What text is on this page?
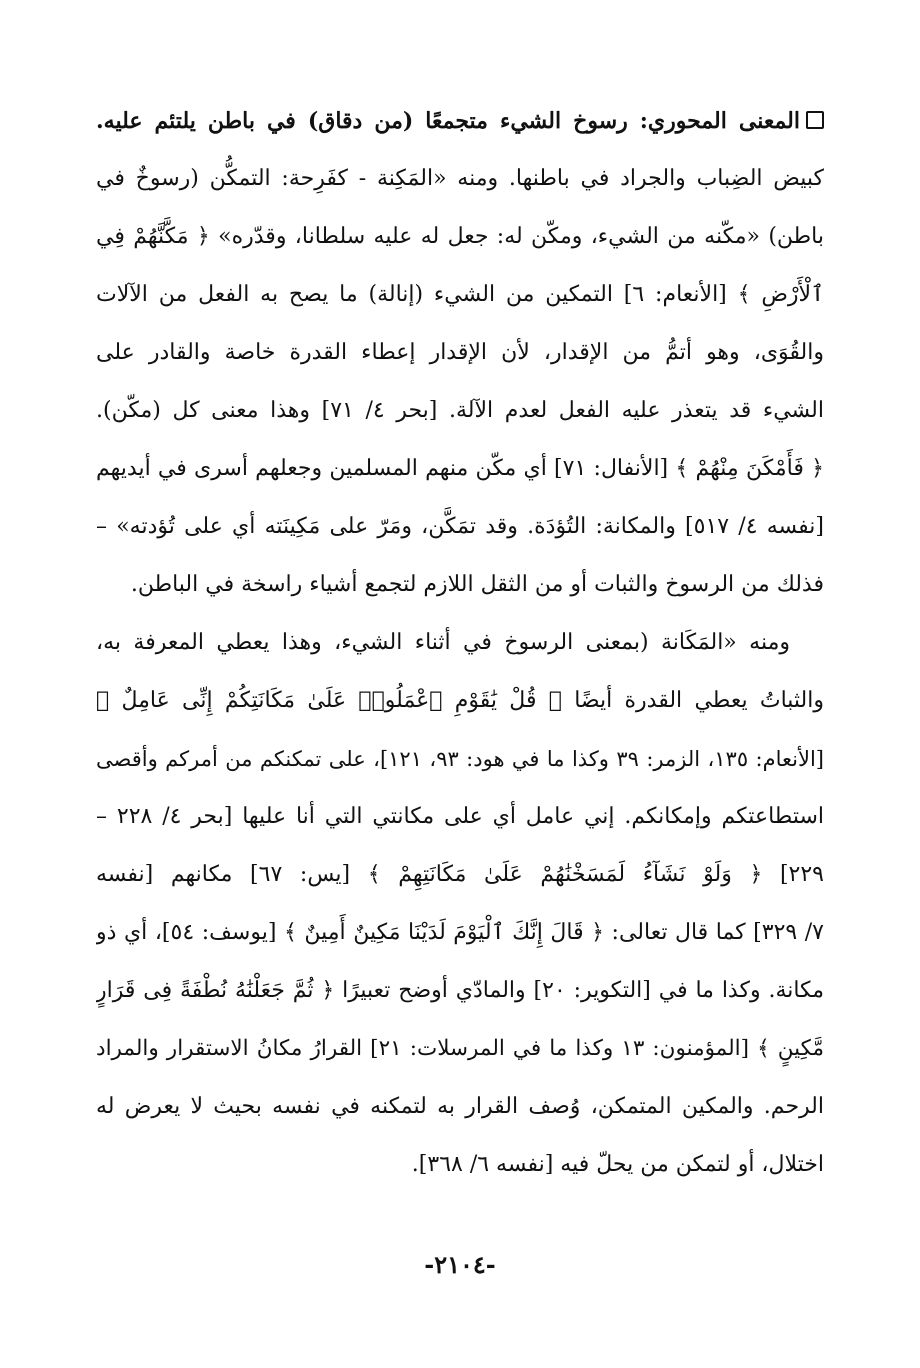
المعنى المحوري: رسوخ الشيء متجمعًا (من دقاق) في باطن يلتئم عليه.
كبيض الضِباب والجراد في باطنها. ومنه «المَكِنة - كفَرِحة: التمكُّن (رسوخٌ في
باطن) «مكّنه من الشيء، ومكّن له: جعل له عليه سلطانا، وقدّره» ﴿ مَكَّنَّهُمْ فِي
ٱلْأَرْضِ ﴾ [الأنعام: ٦] التمكين من الشيء (إنالة) ما يصح به الفعل من الآلات
والقُوَى، وهو أتمُّ من الإقدار، لأن الإقدار إعطاء القدرة خاصة والقادر على
الشيء قد يتعذر عليه الفعل لعدم الآلة. [بحر ٤/ ٧١] وهذا معنى كل (مكّن).
﴿ فَأَمْكَنَ مِنْهُمْ ﴾ [الأنفال: ٧١] أي مكّن منهم المسلمين وجعلهم أسرى في أيديهم
[نفسه ٤/ ٥١٧] والمكانة: التُؤدَة. وقد تمَكَّن، ومَرّ على مَكِينَته أي على تُؤدته» –
فذلك من الرسوخ والثبات أو من الثقل اللازم لتجمع أشياء راسخة في الباطن.
ومنه «المَكَانة (بمعنى الرسوخ في أثناء الشيء، وهذا يعطي المعرفة به،
والثباتُ يعطي القدرة أيضًا ﴿ قُلْ يَٰقَوْمِ ٱعْمَلُوا۟ عَلَىٰ مَكَانَتِكُمْ إِنِّى عَامِلٌ ﴾
[الأنعام: ١٣٥، الزمر: ٣٩ وكذا ما في هود: ٩٣، ١٢١]، على تمكنكم من أمركم وأقصى
استطاعتكم وإمكانكم. إني عامل أي على مكانتي التي أنا عليها [بحر ٤/ ٢٢٨ –
٢٢٩] ﴿ وَلَوْ نَشَآءُ لَمَسَخْنَٰهُمْ عَلَىٰ مَكَانَتِهِمْ ﴾ [يس: ٦٧] مكانهم [نفسه
٧/ ٣٢٩] كما قال تعالى: ﴿ قَالَ إِنَّكَ ٱلْيَوْمَ لَدَيْنَا مَكِينٌ أَمِينٌ ﴾ [يوسف: ٥٤]، أي ذو
مكانة. وكذا ما في [التكوير: ٢٠] والمادّي أوضح تعبيرًا ﴿ ثُمَّ جَعَلْنَٰهُ نُطْفَةً فِى قَرَارٍ
مَّكِينٍ ﴾ [المؤمنون: ١٣ وكذا ما في المرسلات: ٢١] القرارُ مكانُ الاستقرار والمراد
الرحم. والمكين المتمكن، وُصف القرار به لتمكنه في نفسه بحيث لا يعرض له
اختلال، أو لتمكن من يحلّ فيه [نفسه ٦/ ٣٦٨].
-٢١٠٤-
